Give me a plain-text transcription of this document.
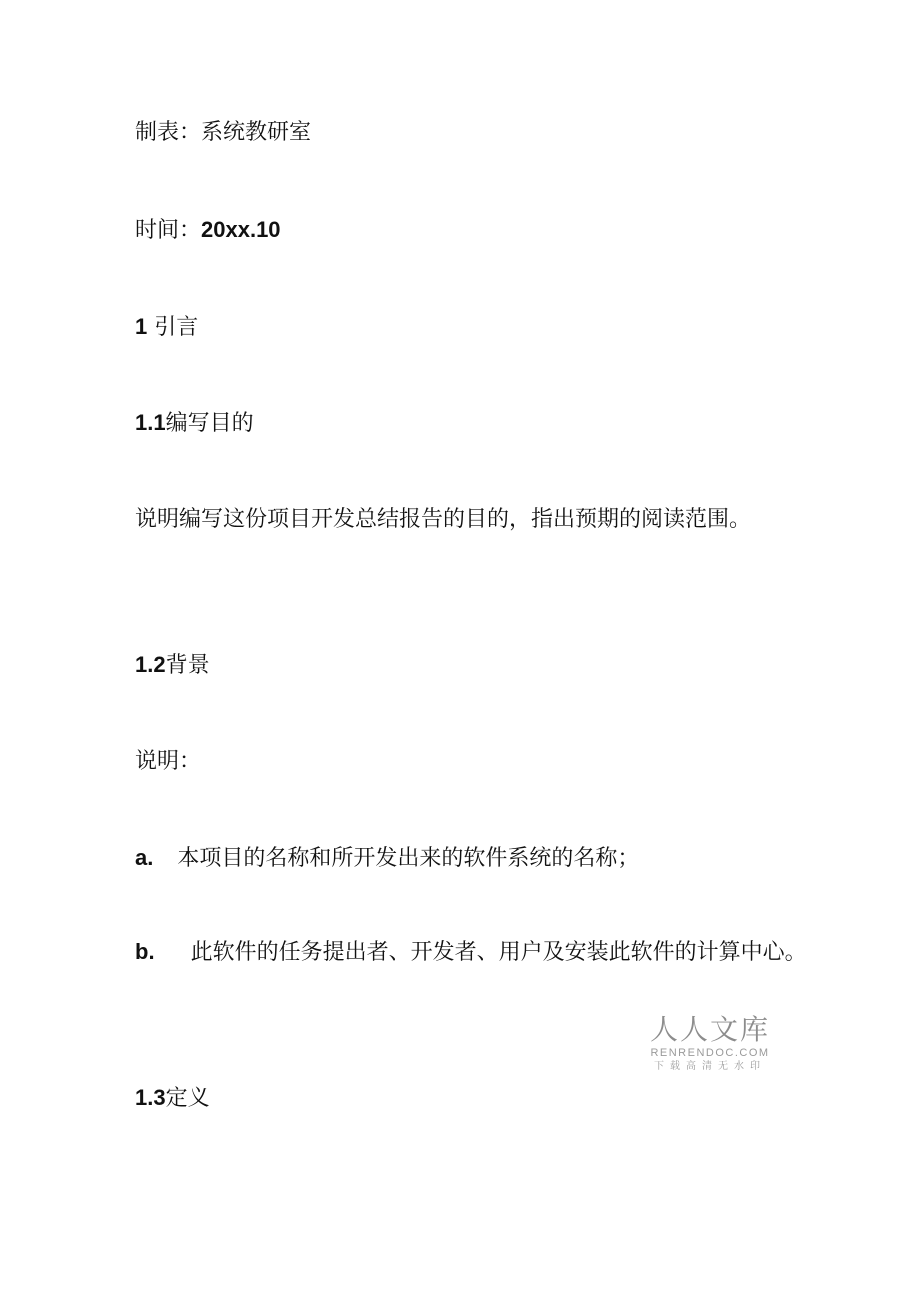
制表：系统教研室
时间：20xx.10
1 引言
1.1编写目的
说明编写这份项目开发总结报告的目的，指出预期的阅读范围。
1.2背景
说明：
a. 本项目的名称和所开发出来的软件系统的名称；
b. 此软件的任务提出者、开发者、用户及安装此软件的计算中心。
1.3定义
人人文库
RENRENDOC.COM
下载高清无水印
